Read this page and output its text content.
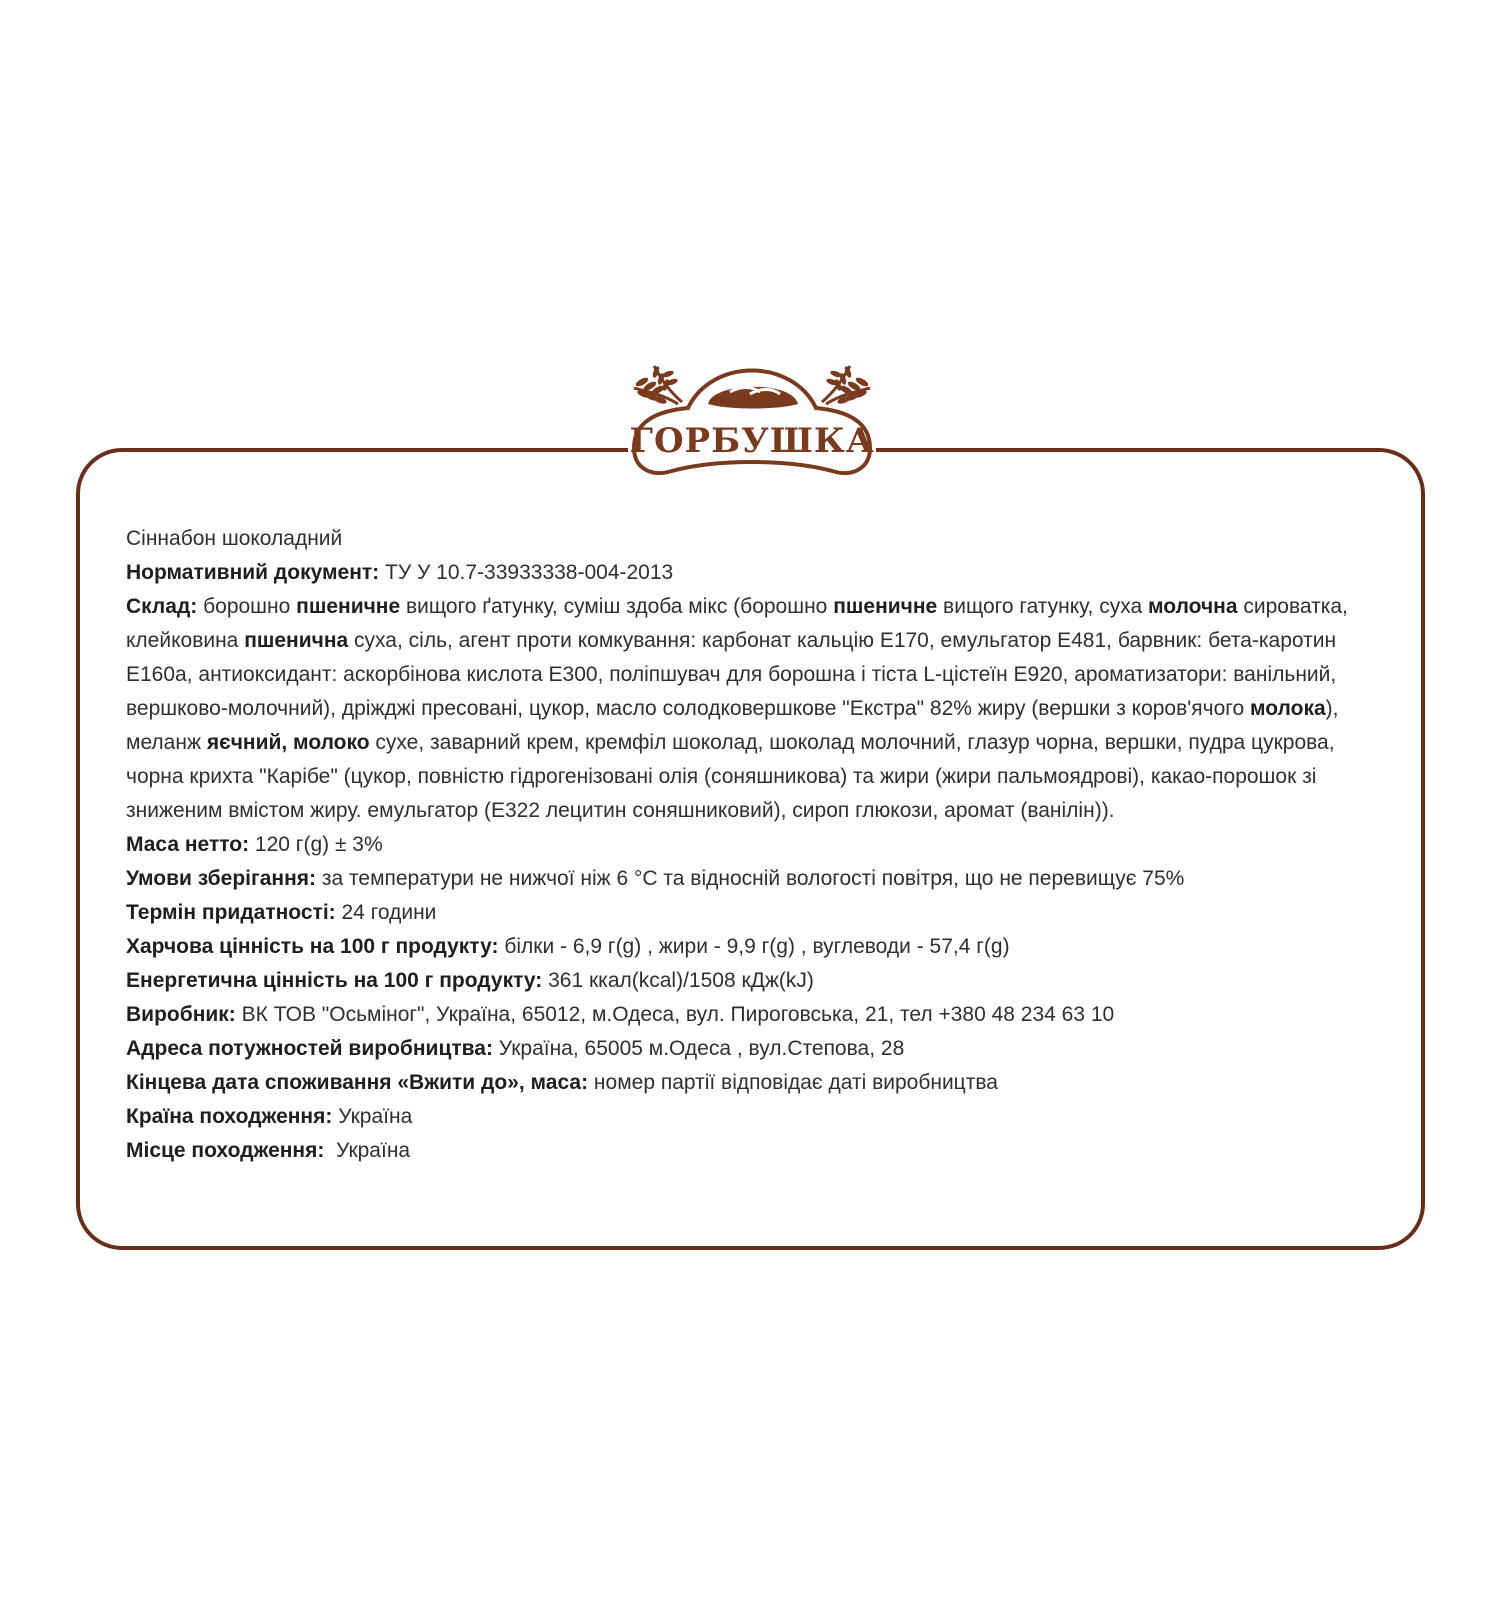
ГОРБУШКА

Сіннабон шоколадний

Нормативний документ: ТУ У 10.7-33933338-004-2013

Склад: борошно пшеничне вищого ґатунку, суміш здоба мікс (борошно пшеничне вищого гатунку, суха молочна сироватка, клейковина пшенична суха, сіль, агент проти комкування: карбонат кальцію Е170, емульгатор Е481, барвник: бета-каротин Е160а, антиоксидант: аскорбінова кислота Е300, поліпшувач для борошна і тіста L-цістеїн Е920, ароматизатори: ванільний, вершково-молочний), дріжджі пресовані, цукор, масло солодковершкове "Екстра" 82% жиру (вершки з коров'ячого молока), меланж яєчний, молоко сухе, заварний крем, кремфіл шоколад, шоколад молочний, глазур чорна, вершки, пудра цукрова, чорна крихта "Карібе" (цукор, повністю гідрогенізовані олія (соняшникова) та жири (жири пальмоядрові), какао-порошок зі зниженим вмістом жиру. емульгатор (Е322 лецитин соняшниковий), сироп глюкози, аромат (ванілін)).

Маса нетто: 120 г(g) ± 3%

Умови зберігання: за температури не нижчої ніж 6 °С та відносній вологості повітря, що не перевищує 75%

Термін придатності: 24 години

Харчова цінність на 100 г продукту: білки - 6,9 г(g) , жири - 9,9 г(g) , вуглеводи - 57,4 г(g)

Енергетична цінність на 100 г продукту: 361 ккал(kcal)/1508 кДж(kJ)

Виробник: ВК ТОВ "Осьміног", Україна, 65012, м.Одеса, вул. Пироговська, 21, тел +380 48 234 63 10

Адреса потужностей виробництва: Україна, 65005 м.Одеса , вул.Степова, 28

Кінцева дата споживання «Вжити до», маса: номер партії відповідає даті виробництва

Країна походження: Україна

Місце походження:  Україна
